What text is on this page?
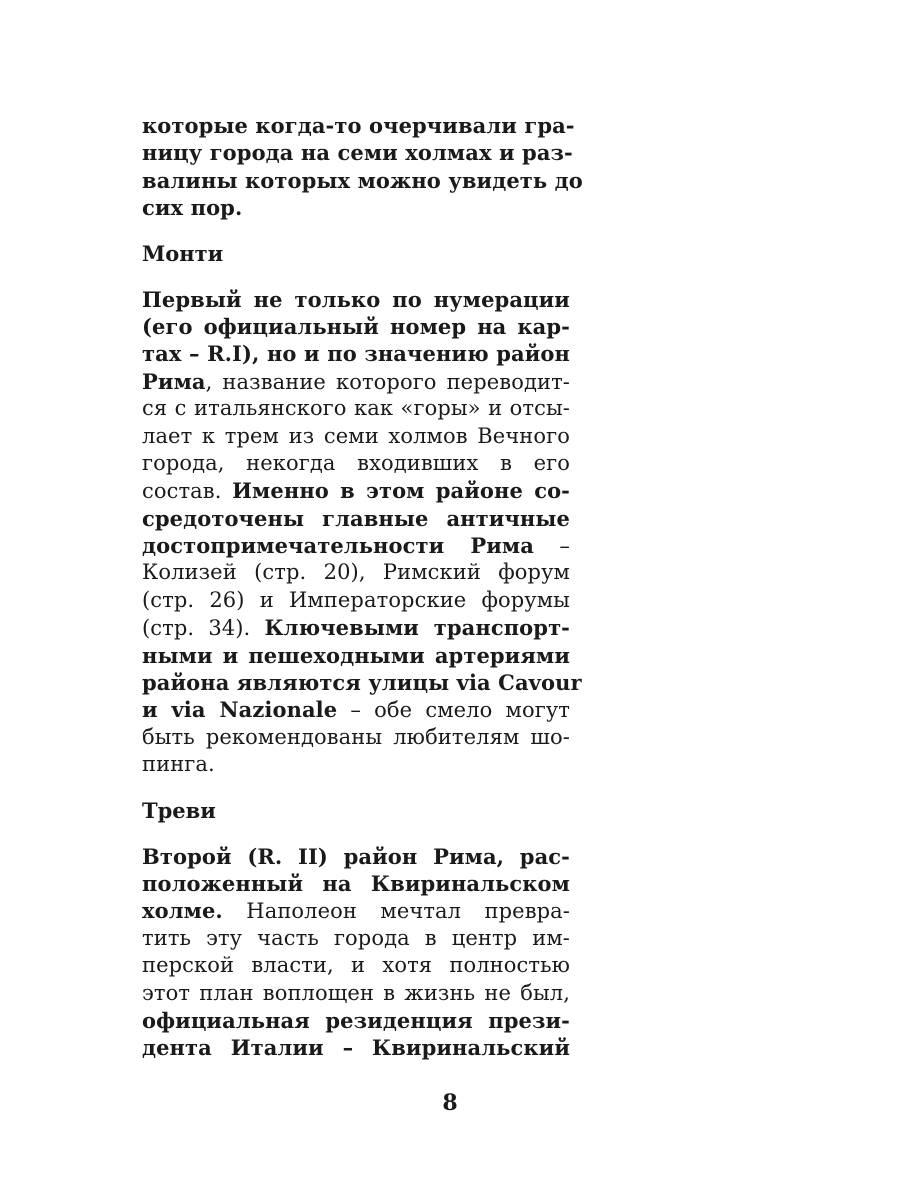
которые когда-то очерчивали гра-
ницу города на семи холмах и раз-
валины которых можно увидеть до
сих пор.
Монти
Первый не только по нумерации
(его официальный номер на кар-
тах – R.I), но и по значению район
Рима, название которого переводит-
ся с итальянского как «горы» и отсы-
лает к трем из семи холмов Вечного
города, некогда входивших в его
состав. Именно в этом районе со-
средоточены главные античные
достопримечательности Рима –
Колизей (стр. 20), Римский форум
(стр. 26) и Императорские форумы
(стр. 34). Ключевыми транспорт-
ными и пешеходными артериями
района являются улицы via Cavour
и via Nazionale – обе смело могут
быть рекомендованы любителям шо-
пинга.
Треви
Второй (R. II) район Рима, рас-
положенный на Квиринальском
холме. Наполеон мечтал превра-
тить эту часть города в центр им-
перской власти, и хотя полностью
этот план воплощен в жизнь не был,
официальная резиденция прези-
дента Италии – Квиринальский
8
